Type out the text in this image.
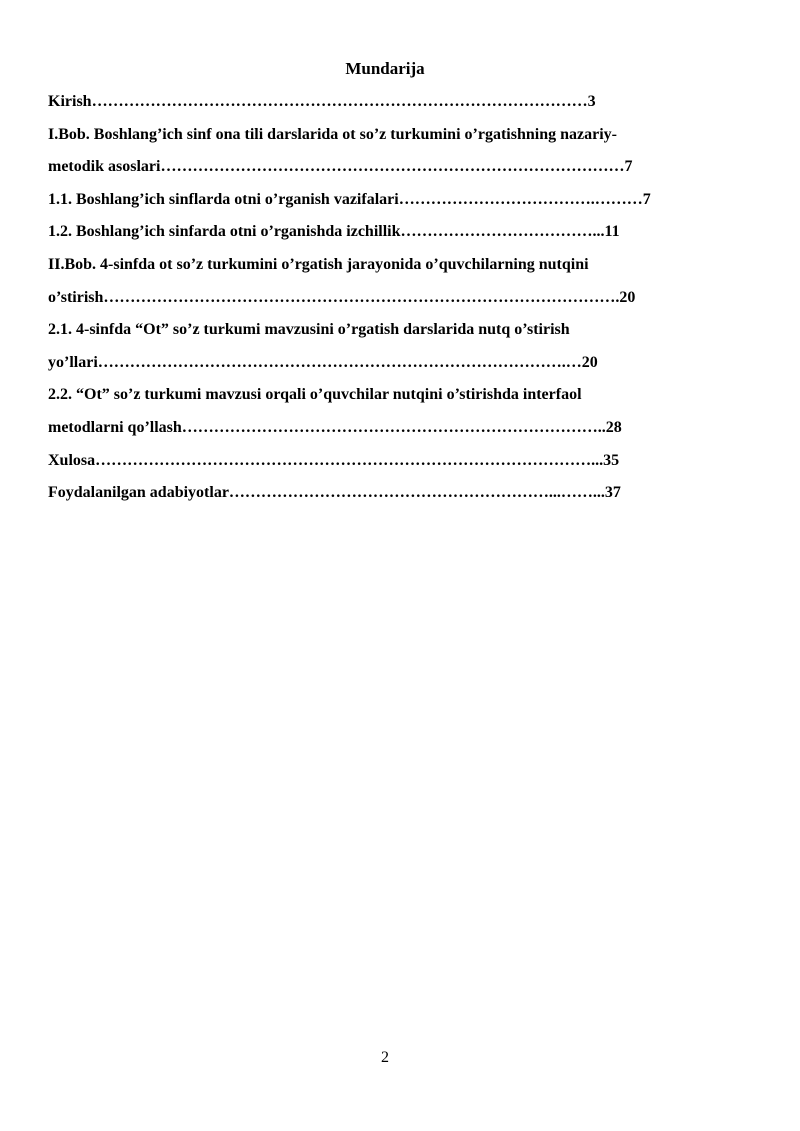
Mundarija
Kirish…………………………………………………………………………………3
I.Bob. Boshlang’ich sinf ona tili darslarida ot so’z turkumini o’rgatishning nazariy-
metodik asoslari……………………………………………………………………………7
1.1. Boshlang’ich sinflarda otni o’rganish vazifalari……………………………….………7
1.2. Boshlang’ich sinfarda otni o’rganishda izchillik………………………………...11
II.Bob. 4-sinfda ot so’z turkumini o’rgatish jarayonida o’quvchilarning nutqini
o’stirish…………………………………………………………………………………….20
2.1. 4-sinfda “Ot” so’z turkumi mavzusini o’rgatish darslarida nutq o’stirish
yo’llari…………………………………………………………………………….…20
2.2. “Ot” so’z turkumi mavzusi orqali o’quvchilar nutqini o’stirishda interfaol
metodlarni qo’llash……………………………………………………………………..28
Xulosa…………………………………………………………………………………...35
Foydalanilgan adabiyotlar……………………………………………………...……...37
2
